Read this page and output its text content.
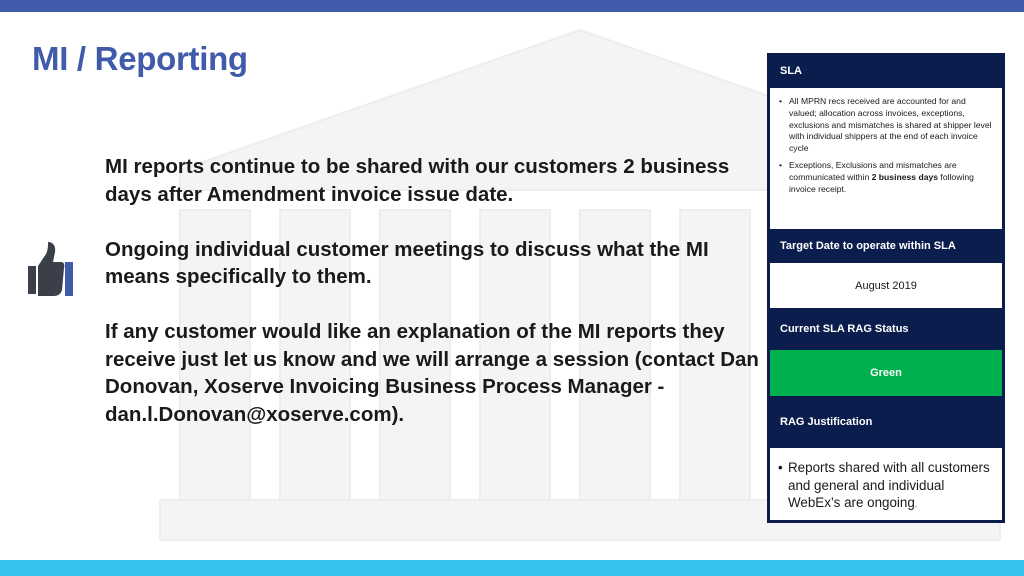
MI / Reporting

MI reports continue to be shared with our customers 2 business days after Amendment invoice issue date.

Ongoing individual customer meetings to discuss what the MI means specifically to them.

If any customer would like an explanation of the MI reports they receive just let us know and we will arrange a session (contact Dan Donovan, Xoserve Invoicing Business Process Manager - dan.l.Donovan@xoserve.com).

SLA
• All MPRN recs received are accounted for and valued; allocation across invoices, exceptions, exclusions and mismatches is shared at shipper level with individual shippers at the end of each invoice cycle
• Exceptions, Exclusions and mismatches are communicated within 2 business days following invoice receipt.
Target Date to operate within SLA
August 2019
Current SLA RAG Status
Green
RAG Justification
• Reports shared with all customers and general and individual WebEx’s are ongoing.
